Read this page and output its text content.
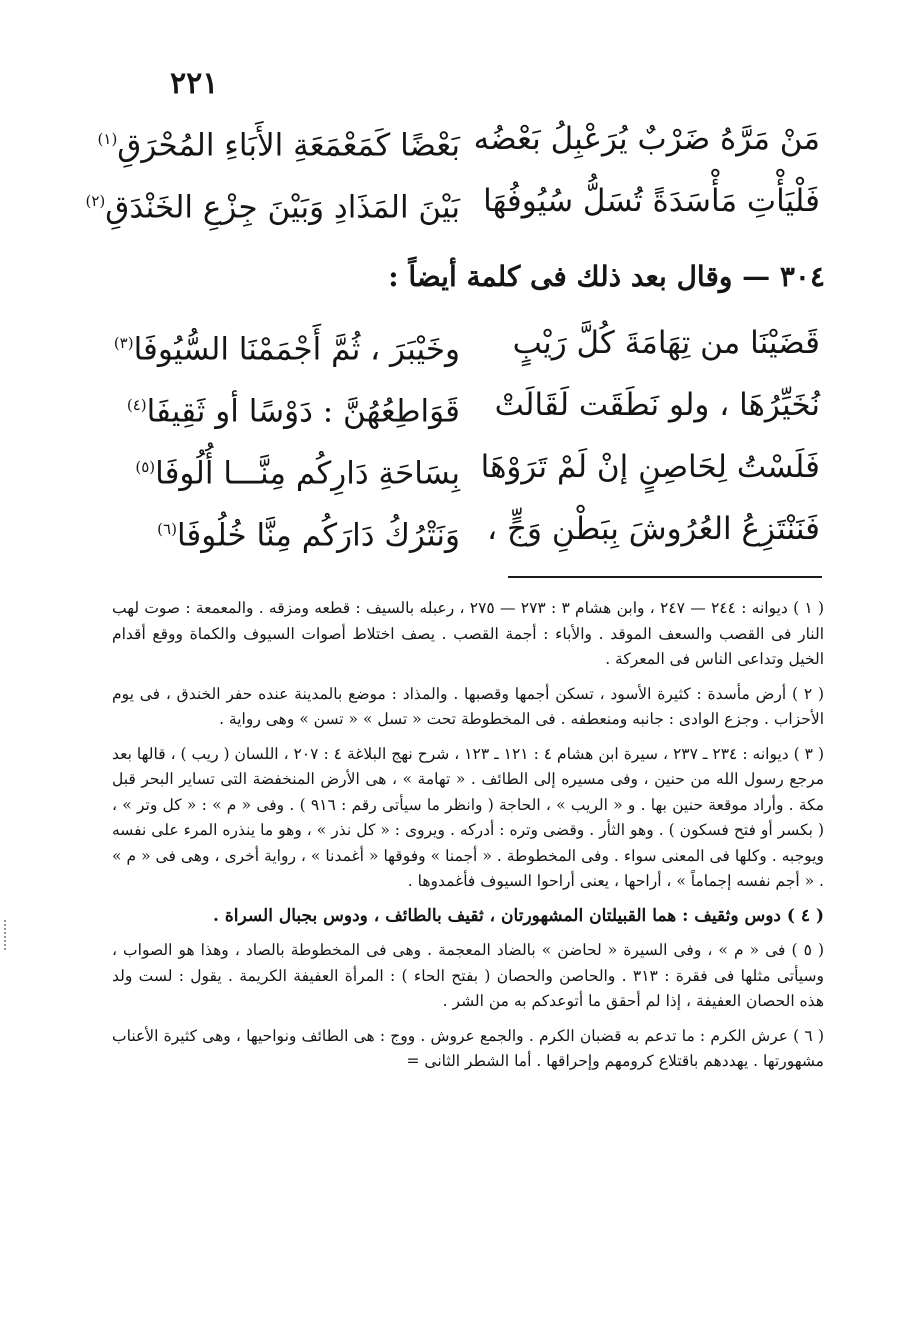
٢٢١
مَنْ مَرَّهُ ضَرْبٌ يُرَعْبِلُ بَعْضُه
بَعْضًا كَمَعْمَعَةِ الأَبَاءِ المُحْرَقِ$^{(١)}$
فَلْيَأْتِ مَأْسَدَةً تُسَلُّ سُيُوفُهَا
بَيْنَ المَذَادِ وَبَيْنَ جِزْعِ الخَنْدَقِ$^{(٢)}$
٣٠٤ — وقال بعد ذلك فى كلمة أيضاً :
قَضَيْنَا من تِهَامَةَ كُلَّ رَيْبٍ
وخَيْبَرَ ، ثُمَّ أَجْمَمْنَا السُّيُوفَا$^{(٣)}$
نُخَيِّرُهَا ، ولو نَطَقَت لَقَالَتْ
قَوَاطِعُهُنَّ : دَوْسًا أو ثَقِيفَا$^{(٤)}$
فَلَسْتُ لِحَاصِنٍ إنْ لَمْ تَرَوْهَا
بِسَاحَةِ دَارِكُم مِنَّـــا أُلُوفَا$^{(٥)}$
فَنَنْتَزِعُ العُرُوشَ بِبَطْنِ وَجٍّ ،
وَنَتْرُكُ دَارَكُم مِنَّا خُلُوفَا$^{(٦)}$

( ١ ) ديوانه : ٢٤٤ — ٢٤٧ ، وابن هشام ٣ : ٢٧٣ — ٢٧٥ ، رعبله بالسيف : قطعه ومزقه . والمعمعة : صوت لهب النار فى القصب والسعف الموقد . والأباء : أجمة القصب . يصف اختلاط أصوات السيوف والكماة ووقع أقدام الخيل وتداعى الناس فى المعركة .

( ٢ ) أرض مأسدة : كثيرة الأسود ، تسكن أجمها وقصبها . والمذاد : موضع بالمدينة عنده حفر الخندق ، فى يوم الأحزاب . وجزع الوادى : جانبه ومنعطفه . فى المخطوطة تحت « تسل » « تسن » وهى رواية .

( ٣ ) ديوانه : ٢٣٤ ـ ٢٣٧ ، سيرة ابن هشام ٤ : ١٢١ ـ ١٢٣ ، شرح نهج البلاغة ٤ : ٢٠٧ ، اللسان ( ريب ) ، قالها بعد مرجع رسول الله من حنين ، وفى مسيره إلى الطائف . « تهامة » ، هى الأرض المنخفضة التى تساير البحر قبل مكة . وأراد موقعة حنين بها . و « الريب » ، الحاجة ( وانظر ما سيأتى رقم : ٩١٦ ) . وفى « م » : « كل وتر » ، ( بكسر أو فتح فسكون ) . وهو الثأر . وقضى وتره : أدركه . ويروى : « كل نذر » ، وهو ما ينذره المرء على نفسه ويوجبه . وكلها فى المعنى سواء . وفى المخطوطة . « أجمنا » وفوقها « أغمدنا » ، رواية أخرى ، وهى فى « م » . « أجم نفسه إجماماً » ، أراحها ، يعنى أراحوا السيوف فأغمدوها .

( ٤ ) دوس وثقيف : هما القبيلتان المشهورتان ، ثقيف بالطائف ، ودوس بجبال السراة .

( ٥ ) فى « م » ، وفى السيرة « لحاضن » بالضاد المعجمة . وهى فى المخطوطة بالصاد ، وهذا هو الصواب ، وسيأتى مثلها فى فقرة : ٣١٣ . والحاصن والحصان ( بفتح الحاء ) : المرأة العفيفة الكريمة . يقول : لست ولد هذه الحصان العفيفة ، إذا لم أحقق ما أتوعدكم به من الشر .

( ٦ ) عرش الكرم : ما تدعم به قضبان الكرم . والجمع عروش . ووج : هى الطائف ونواحيها ، وهى كثيرة الأعناب مشهورتها . يهددهم باقتلاع كرومهم وإحراقها . أما الشطر الثانى =
